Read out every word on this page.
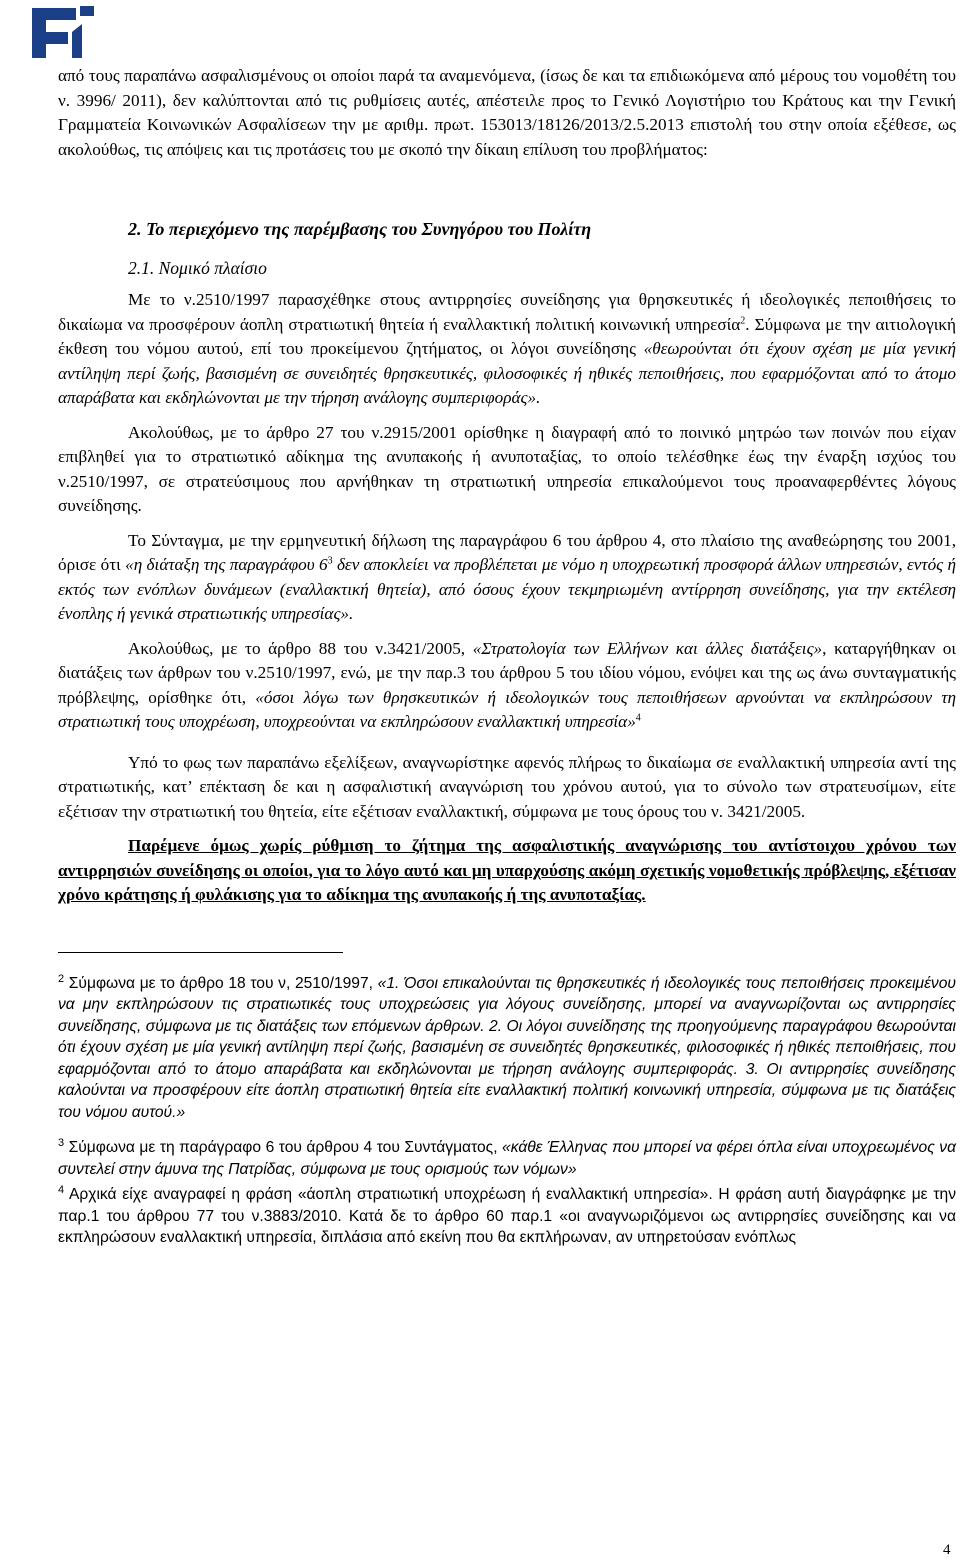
από τους παραπάνω ασφαλισμένους οι οποίοι παρά τα αναμενόμενα, (ίσως δε και τα επιδιωκόμενα από μέρους του νομοθέτη του ν. 3996/ 2011), δεν καλύπτονται από τις ρυθμίσεις αυτές, απέστειλε προς το Γενικό Λογιστήριο του Κράτους και την Γενική Γραμματεία Κοινωνικών Ασφαλίσεων την με αριθμ. πρωτ. 153013/18126/2013/2.5.2013 επιστολή του στην οποία εξέθεσε, ως ακολούθως, τις απόψεις και τις προτάσεις του με σκοπό την δίκαιη επίλυση του προβλήματος:

2. Το περιεχόμενο της παρέμβασης του Συνηγόρου του Πολίτη
2.1. Νομικό πλαίσιο

Με το ν.2510/1997 παρασχέθηκε στους αντιρρησίες συνείδησης για θρησκευτικές ή ιδεολογικές πεποιθήσεις το δικαίωμα να προσφέρουν άοπλη στρατιωτική θητεία ή εναλλακτική πολιτική κοινωνική υπηρεσία$^2$. Σύμφωνα με την αιτιολογική έκθεση του νόμου αυτού, επί του προκείμενου ζητήματος, οι λόγοι συνείδησης «θεωρούνται ότι έχουν σχέση με μία γενική αντίληψη περί ζωής, βασισμένη σε συνειδητές θρησκευτικές, φιλοσοφικές ή ηθικές πεποιθήσεις, που εφαρμόζονται από το άτομο απαράβατα και εκδηλώνονται με την τήρηση ανάλογης συμπεριφοράς».

Ακολούθως, με το άρθρο 27 του ν.2915/2001 ορίσθηκε η διαγραφή από το ποινικό μητρώο των ποινών που είχαν επιβληθεί για το στρατιωτικό αδίκημα της ανυπακοής ή ανυποταξίας, το οποίο τελέσθηκε έως την έναρξη ισχύος του ν.2510/1997, σε στρατεύσιμους που αρνήθηκαν τη στρατιωτική υπηρεσία επικαλούμενοι τους προαναφερθέντες λόγους συνείδησης.

Το Σύνταγμα, με την ερμηνευτική δήλωση της παραγράφου 6 του άρθρου 4, στο πλαίσιο της αναθεώρησης του 2001, όρισε ότι «η διάταξη της παραγράφου $6^3$ δεν αποκλείει να προβλέπεται με νόμο η υποχρεωτική προσφορά άλλων υπηρεσιών, εντός ή εκτός των ενόπλων δυνάμεων (εναλλακτική θητεία), από όσους έχουν τεκμηριωμένη αντίρρηση συνείδησης, για την εκτέλεση ένοπλης ή γενικά στρατιωτικής υπηρεσίας».

Ακολούθως, με το άρθρο 88 του ν.3421/2005, «Στρατολογία των Ελλήνων και άλλες διατάξεις», καταργήθηκαν οι διατάξεις των άρθρων του ν.2510/1997, ενώ, με την παρ.3 του άρθρου 5 του ιδίου νόμου, ενόψει και της ως άνω συνταγματικής πρόβλεψης, ορίσθηκε ότι, «όσοι λόγω των θρησκευτικών ή ιδεολογικών τους πεποιθήσεων αρνούνται να εκπληρώσουν τη στρατιωτική τους υποχρέωση, υποχρεούνται να εκπληρώσουν εναλλακτική υπηρεσία»$^4$

Υπό το φως των παραπάνω εξελίξεων, αναγνωρίστηκε αφενός πλήρως το δικαίωμα σε εναλλακτική υπηρεσία αντί της στρατιωτικής, κατ’ επέκταση δε και η ασφαλιστική αναγνώριση του χρόνου αυτού, για το σύνολο των στρατευσίμων, είτε εξέτισαν την στρατιωτική του θητεία, είτε εξέτισαν εναλλακτική, σύμφωνα με τους όρους του ν. 3421/2005.

Παρέμενε όμως χωρίς ρύθμιση το ζήτημα της ασφαλιστικής αναγνώρισης του αντίστοιχου χρόνου των αντιρρησιών συνείδησης οι οποίοι, για το λόγο αυτό και μη υπαρχούσης ακόμη σχετικής νομοθετικής πρόβλεψης, εξέτισαν χρόνο κράτησης ή φυλάκισης για το αδίκημα της ανυπακοής ή της ανυποταξίας.

$^2$ Σύμφωνα με το άρθρο 18 του ν, 2510/1997, «1. Όσοι επικαλούνται τις θρησκευτικές ή ιδεολογικές τους πεποιθήσεις προκειμένου να μην εκπληρώσουν τις στρατιωτικές τους υποχρεώσεις για λόγους συνείδησης, μπορεί να αναγνωρίζονται ως αντιρρησίες συνείδησης, σύμφωνα με τις διατάξεις των επόμενων άρθρων. 2. Οι λόγοι συνείδησης της προηγούμενης παραγράφου θεωρούνται ότι έχουν σχέση με μία γενική αντίληψη περί ζωής, βασισμένη σε συνειδητές θρησκευτικές, φιλοσοφικές ή ηθικές πεποιθήσεις, που εφαρμόζονται από το άτομο απαράβατα και εκδηλώνονται με τήρηση ανάλογης συμπεριφοράς. 3. Οι αντιρρησίες συνείδησης καλούνται να προσφέρουν είτε άοπλη στρατιωτική θητεία είτε εναλλακτική πολιτική κοινωνική υπηρεσία, σύμφωνα με τις διατάξεις του νόμου αυτού.»

$^3$ Σύμφωνα με τη παράγραφο 6 του άρθρου 4 του Συντάγματος, «κάθε Έλληνας που μπορεί να φέρει όπλα είναι υποχρεωμένος να συντελεί στην άμυνα της Πατρίδας, σύμφωνα με τους ορισμούς των νόμων»

$^4$ Αρχικά είχε αναγραφεί η φράση «άοπλη στρατιωτική υποχρέωση ή εναλλακτική υπηρεσία». Η φράση αυτή διαγράφηκε με την παρ.1 του άρθρου 77 του ν.3883/2010. Κατά δε το άρθρο 60 παρ.1 «οι αναγνωριζόμενοι ως αντιρρησίες συνείδησης και να εκπληρώσουν εναλλακτική υπηρεσία, διπλάσια από εκείνη που θα εκπλήρωναν, αν υπηρετούσαν ενόπλως

4
